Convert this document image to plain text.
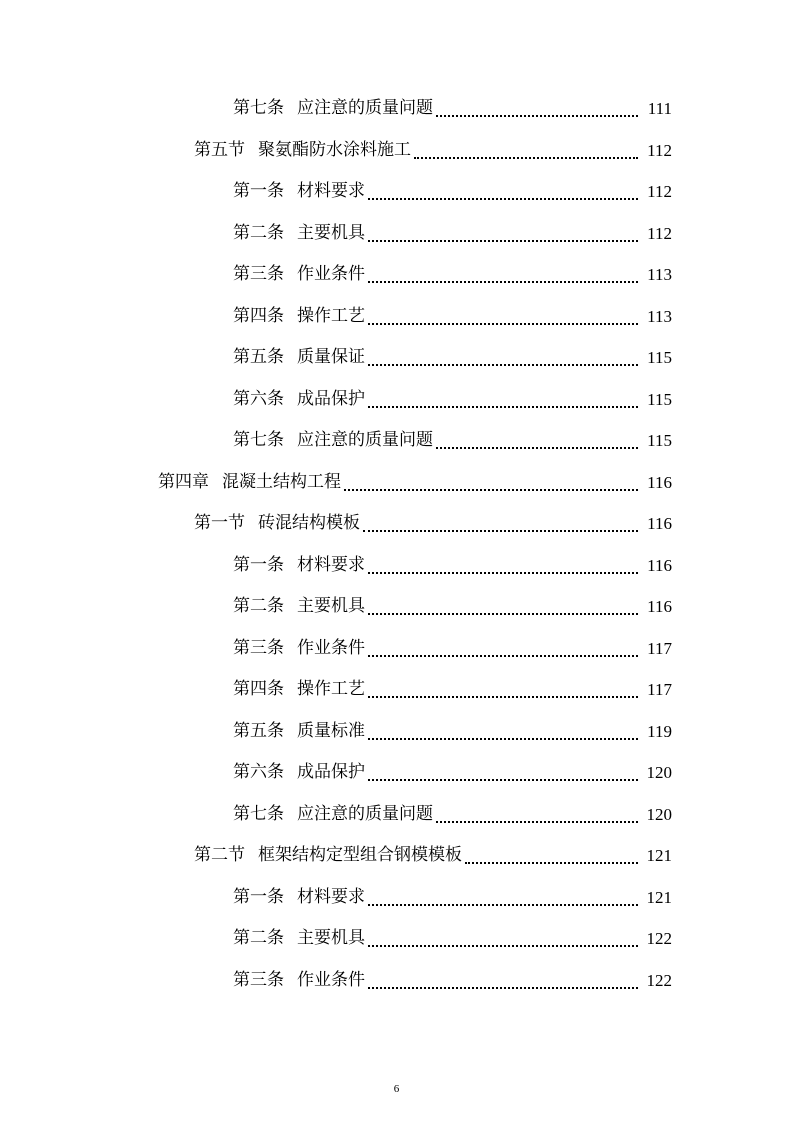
第七条 应注意的质量问题	111
第五节 聚氨酯防水涂料施工	112
第一条 材料要求	112
第二条 主要机具	112
第三条 作业条件	113
第四条 操作工艺	113
第五条 质量保证	115
第六条 成品保护	115
第七条 应注意的质量问题	115
第四章 混凝土结构工程	116
第一节 砖混结构模板	116
第一条 材料要求	116
第二条 主要机具	116
第三条 作业条件	117
第四条 操作工艺	117
第五条 质量标准	119
第六条 成品保护	120
第七条 应注意的质量问题	120
第二节 框架结构定型组合钢模模板	121
第一条 材料要求	121
第二条 主要机具	122
第三条 作业条件	122
6
